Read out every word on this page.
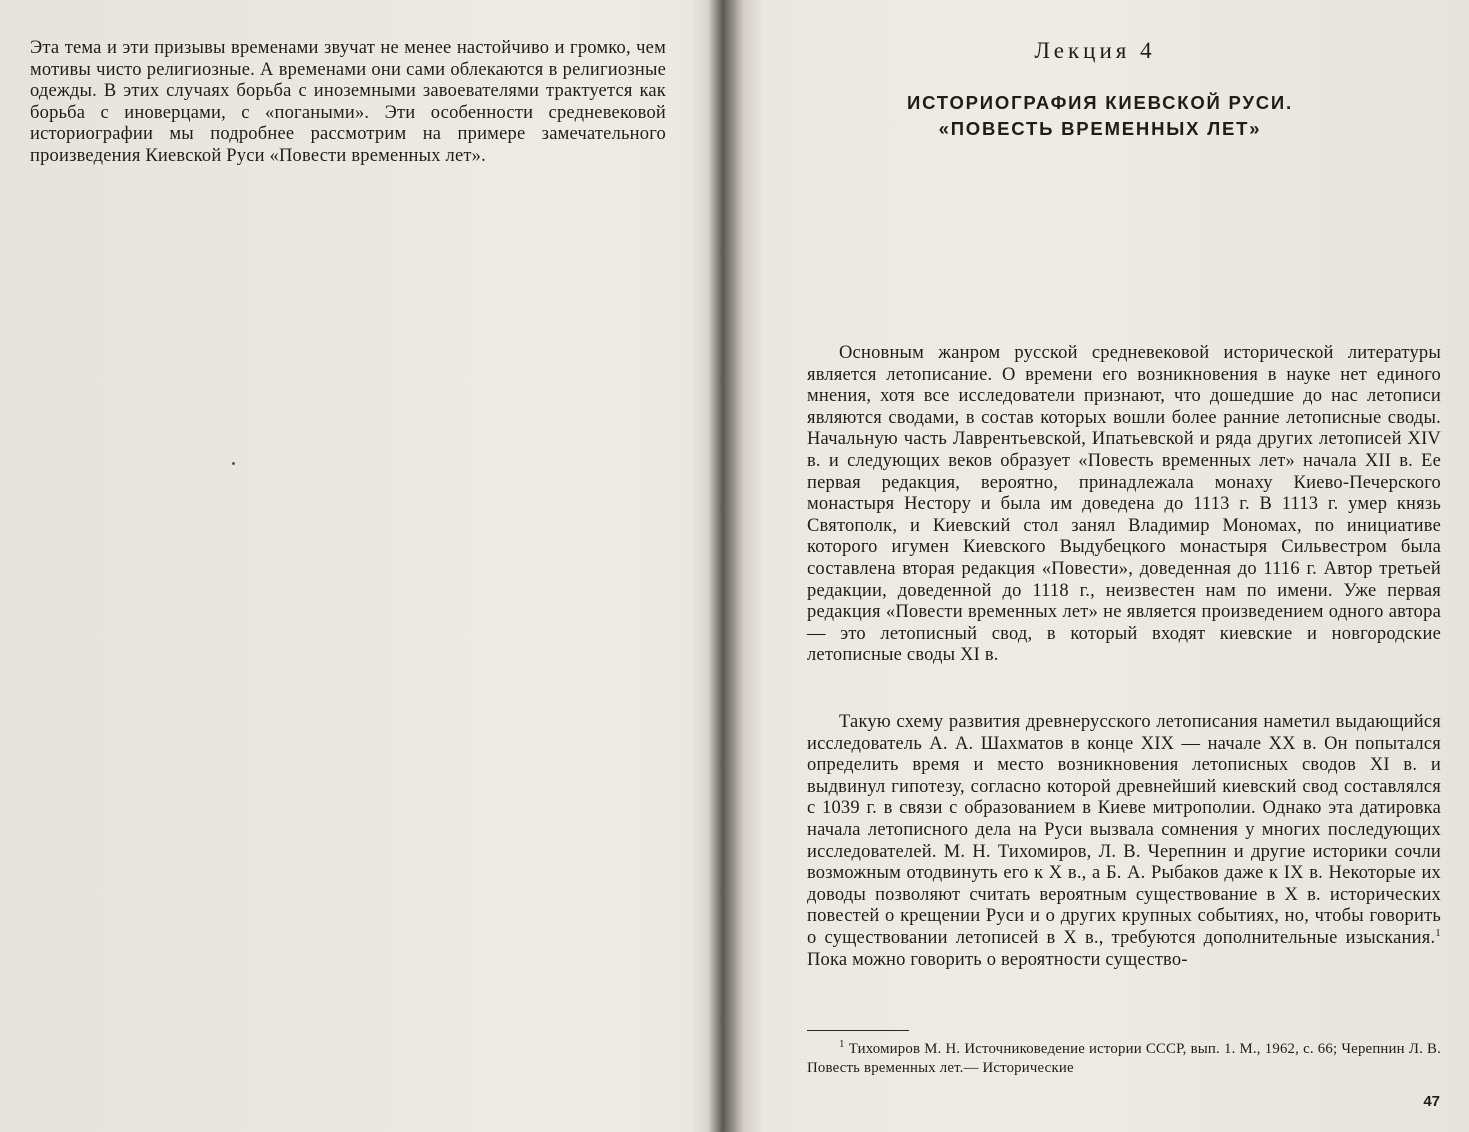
Эта тема и эти призывы временами звучат не менее настойчиво и громко, чем мотивы чисто религиозные. А временами они сами облекаются в религиозные одежды. В этих случаях борьба с иноземными завоевателями трактуется как борьба с иноверцами, с «погаными». Эти особенности средневековой историографии мы подробнее рассмотрим на примере замечательного произведения Киевской Руси «Повести временных лет».

Лекция 4
ИСТОРИОГРАФИЯ КИЕВСКОЙ РУСИ.
«ПОВЕСТЬ ВРЕМЕННЫХ ЛЕТ»

Основным жанром русской средневековой исторической литературы является летописание. О времени его возникновения в науке нет единого мнения, хотя все исследователи признают, что дошедшие до нас летописи являются сводами, в состав которых вошли более ранние летописные своды. Начальную часть Лаврентьевской, Ипатьевской и ряда других летописей XIV в. и следующих веков образует «Повесть временных лет» начала XII в. Ее первая редакция, вероятно, принадлежала монаху Киево-Печерского монастыря Нестору и была им доведена до 1113 г. В 1113 г. умер князь Святополк, и Киевский стол занял Владимир Мономах, по инициативе которого игумен Киевского Выдубецкого монастыря Сильвестром была составлена вторая редакция «Повести», доведенная до 1116 г. Автор третьей редакции, доведенной до 1118 г., неизвестен нам по имени. Уже первая редакция «Повести временных лет» не является произведением одного автора — это летописный свод, в который входят киевские и новгородские летописные своды XI в.

Такую схему развития древнерусского летописания наметил выдающийся исследователь А. А. Шахматов в конце XIX — начале XX в. Он попытался определить время и место возникновения летописных сводов XI в. и выдвинул гипотезу, согласно которой древнейший киевский свод составлялся с 1039 г. в связи с образованием в Киеве митрополии. Однако эта датировка начала летописного дела на Руси вызвала сомнения у многих последующих исследователей. М. Н. Тихомиров, Л. В. Черепнин и другие историки сочли возможным отодвинуть его к X в., а Б. А. Рыбаков даже к IX в. Некоторые их доводы позволяют считать вероятным существование в X в. исторических повестей о крещении Руси и о других крупных событиях, но, чтобы говорить о существовании летописей в X в., требуются дополнительные изыскания.$^1$ Пока можно говорить о вероятности существо-

$^1$ Тихомиров М. Н. Источниковедение истории СССР, вып. 1. М., 1962, с. 66; Черепнин Л. В. Повесть временных лет.— Исторические

47
